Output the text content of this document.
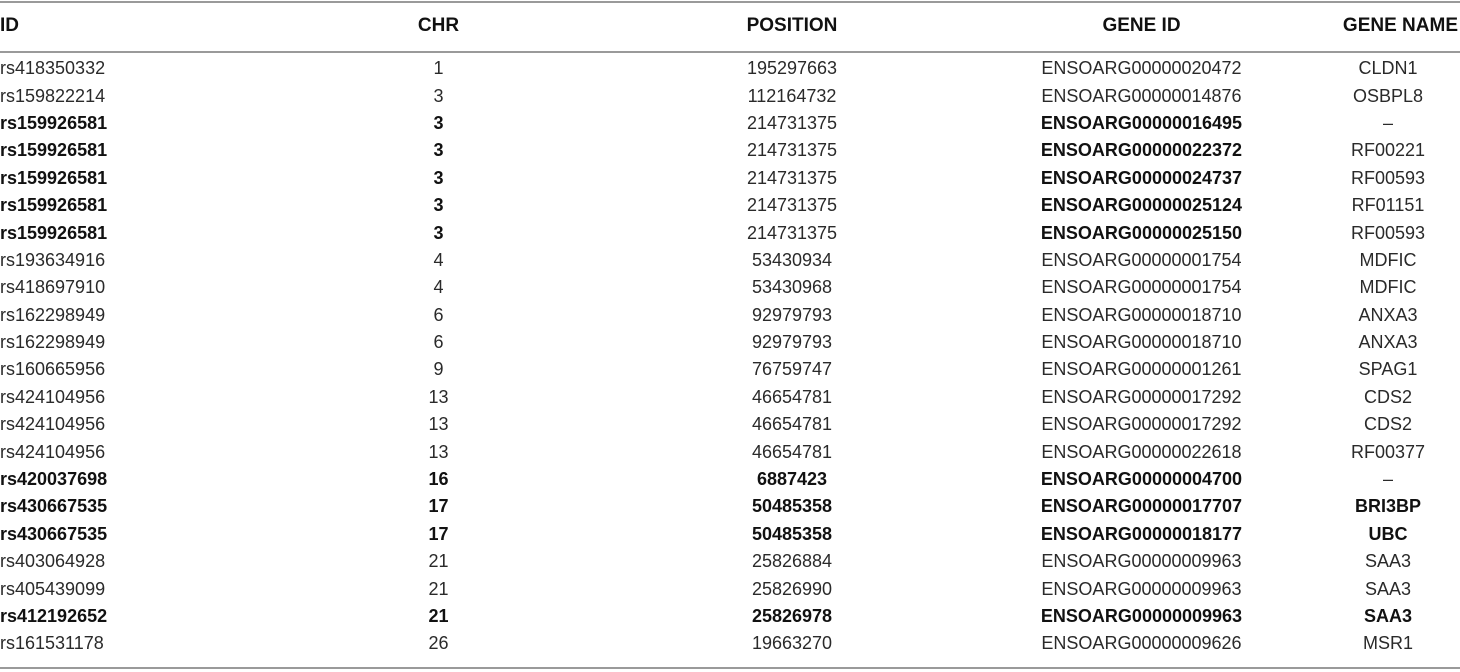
ID	CHR	POSITION	GENE ID	GENE NAME
rs418350332	1	195297663	ENSOARG00000020472	CLDN1
rs159822214	3	112164732	ENSOARG00000014876	OSBPL8
rs159926581	3	214731375	ENSOARG00000016495	–
rs159926581	3	214731375	ENSOARG00000022372	RF00221
rs159926581	3	214731375	ENSOARG00000024737	RF00593
rs159926581	3	214731375	ENSOARG00000025124	RF01151
rs159926581	3	214731375	ENSOARG00000025150	RF00593
rs193634916	4	53430934	ENSOARG00000001754	MDFIC
rs418697910	4	53430968	ENSOARG00000001754	MDFIC
rs162298949	6	92979793	ENSOARG00000018710	ANXA3
rs162298949	6	92979793	ENSOARG00000018710	ANXA3
rs160665956	9	76759747	ENSOARG00000001261	SPAG1
rs424104956	13	46654781	ENSOARG00000017292	CDS2
rs424104956	13	46654781	ENSOARG00000017292	CDS2
rs424104956	13	46654781	ENSOARG00000022618	RF00377
rs420037698	16	6887423	ENSOARG00000004700	–
rs430667535	17	50485358	ENSOARG00000017707	BRI3BP
rs430667535	17	50485358	ENSOARG00000018177	UBC
rs403064928	21	25826884	ENSOARG00000009963	SAA3
rs405439099	21	25826990	ENSOARG00000009963	SAA3
rs412192652	21	25826978	ENSOARG00000009963	SAA3
rs161531178	26	19663270	ENSOARG00000009626	MSR1
